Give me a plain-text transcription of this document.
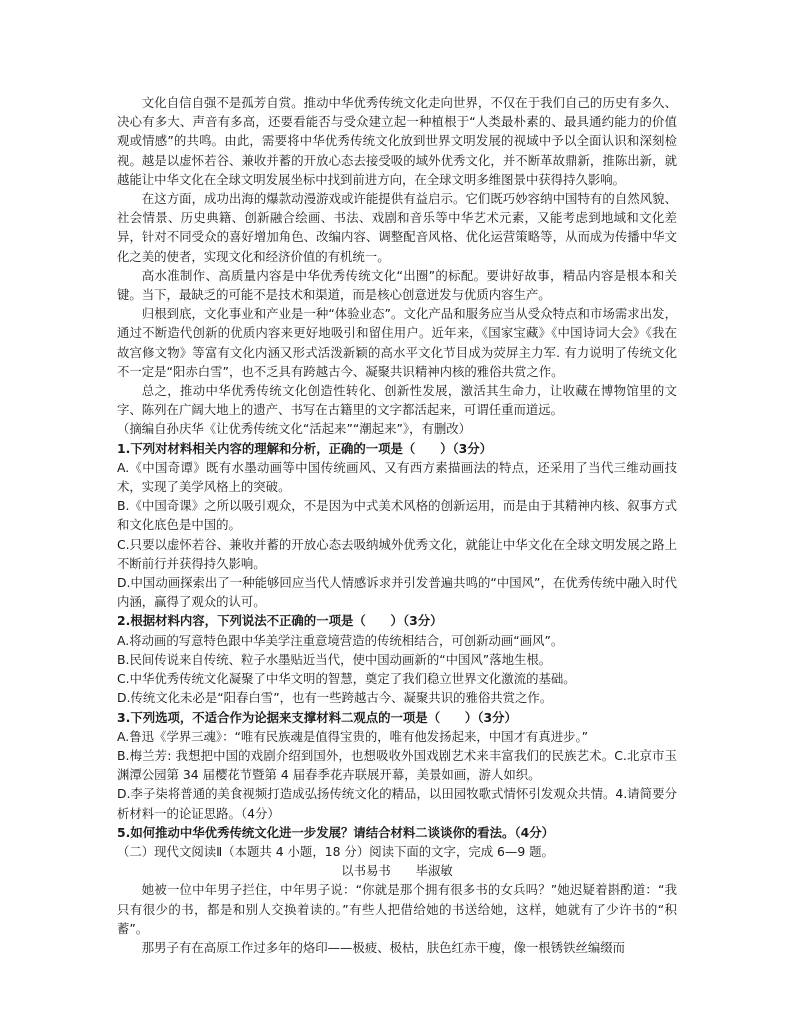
文化自信自强不是孤芳自赏。推动中华优秀传统文化走向世界，不仅在于我们自己的历史有多久、决心有多大、声音有多高，还要看能否与受众建立起一种植根于“人类最朴素的、最具通约能力的价值观或情感”的共鸣。由此，需要将中华优秀传统文化放到世界文明发展的视域中予以全面认识和深刻检视。越是以虚怀若谷、兼收并蓄的开放心态去接受吸的域外优秀文化，并不断革故鼎新，推陈出新，就越能让中华文化在全球文明发展坐标中找到前进方向，在全球文明多维图景中获得持久影响。

在这方面，成功出海的爆款动漫游戏或许能提供有益启示。它们既巧妙容纳中国特有的自然风貌、社会情景、历史典籍、创新融合绘画、书法、戏剧和音乐等中华艺术元素，又能考虑到地域和文化差异，针对不同受众的喜好增加角色、改编内容、调整配音风格、优化运营策略等，从而成为传播中华文化之美的使者，实现文化和经济价值的有机统一。

高水准制作、高质量内容是中华优秀传统文化“出圈”的标配。要讲好故事，精品内容是根本和关键。当下，最缺乏的可能不是技术和渠道，而是核心创意迸发与优质内容生产。

归根到底，文化事业和产业是一种“体验业态”。文化产品和服务应当从受众特点和市场需求出发，通过不断造代创新的优质内容来更好地吸引和留住用户。近年来，《国家宝藏》《中国诗词大会》《我在故宫修文物》等富有文化内涵又形式活泼新颖的高水平文化节目成为荧屏主力军. 有力说明了传统文化不一定是“阳赤白雪”，也不乏具有跨越古今、凝聚共识精神内核的雅俗共赏之作。

总之，推动中华优秀传统文化创造性转化、创新性发展，激活其生命力，让收藏在博物馆里的文字、陈列在广阔大地上的遗产、书写在古籍里的文字都活起来，可谓任重而道远。

（摘编自孙庆华《让优秀传统文化“活起来”“潮起来”》，有删改）

1.下列对材料相关内容的理解和分析，正确的一项是（　　）（3分）

A.《中国奇谭》既有水墨动画等中国传统画风、又有西方素描画法的特点，还采用了当代三维动画技术，实现了美学风格上的突破。

B.《中国奇课》之所以吸引观众，不是因为中式美术风格的创新运用，而是由于其精神内核、叙事方式和文化底色是中国的。

C.只要以虚怀若谷、兼收并蓄的开放心态去吸纳城外优秀文化，就能让中华文化在全球文明发展之路上不断前行并获得持久影响。

D.中国动画探索出了一种能够回应当代人情感诉求并引发普遍共鸣的“中国风”，在优秀传统中融入时代内涵，赢得了观众的认可。

2.根据材料内容，下列说法不正确的一项是（　　）（3分）

A.将动画的写意特色跟中华美学注重意境营造的传统相结合，可创新动画“画风”。

B.民间传说来自传统、粒子水墨贴近当代，使中国动画新的“中国风”落地生根。

C.中华优秀传统文化凝聚了中华文明的智慧，奠定了我们稳立世界文化激流的基础。

D.传统文化未必是“阳春白雪”，也有一些跨越古今、凝聚共识的雅俗共赏之作。

3.下列选项，不适合作为论据来支撑材料二观点的一项是（　　）（3分）

A.鲁迅《学界三魂》：“唯有民族魂是值得宝贵的，唯有他发扬起来，中国才有真进步。”

B.梅兰芳: 我想把中国的戏剧介绍到国外，也想吸收外国戏剧艺术来丰富我们的民族艺术。C.北京市玉渊潭公园第 34 届樱花节暨第 4 届春季花卉联展开幕，美景如画，游人如织。

D.李子柒将普通的美食视频打造成弘扬传统文化的精品，以田园牧歌式情怀引发观众共情。4.请简要分析材料一的论证思路。（4分）

5.如何推动中华优秀传统文化进一步发展？请结合材料二谈谈你的看法。（4分）

（二）现代文阅读Ⅱ（本题共 4 小题，18 分）阅读下面的文字，完成 6—9 题。

以书易书　　毕淑敏

她被一位中年男子拦住，中年男子说：“你就是那个拥有很多书的女兵吗？”她迟疑着斟酌道：“我只有很少的书，都是和别人交换着读的。”有些人把借给她的书送给她，这样，她就有了少许书的“积蓄”。

那男子有在高原工作过多年的烙印——极疲、极枯，肤色红赤干瘦，像一根锈铁丝编缀而
